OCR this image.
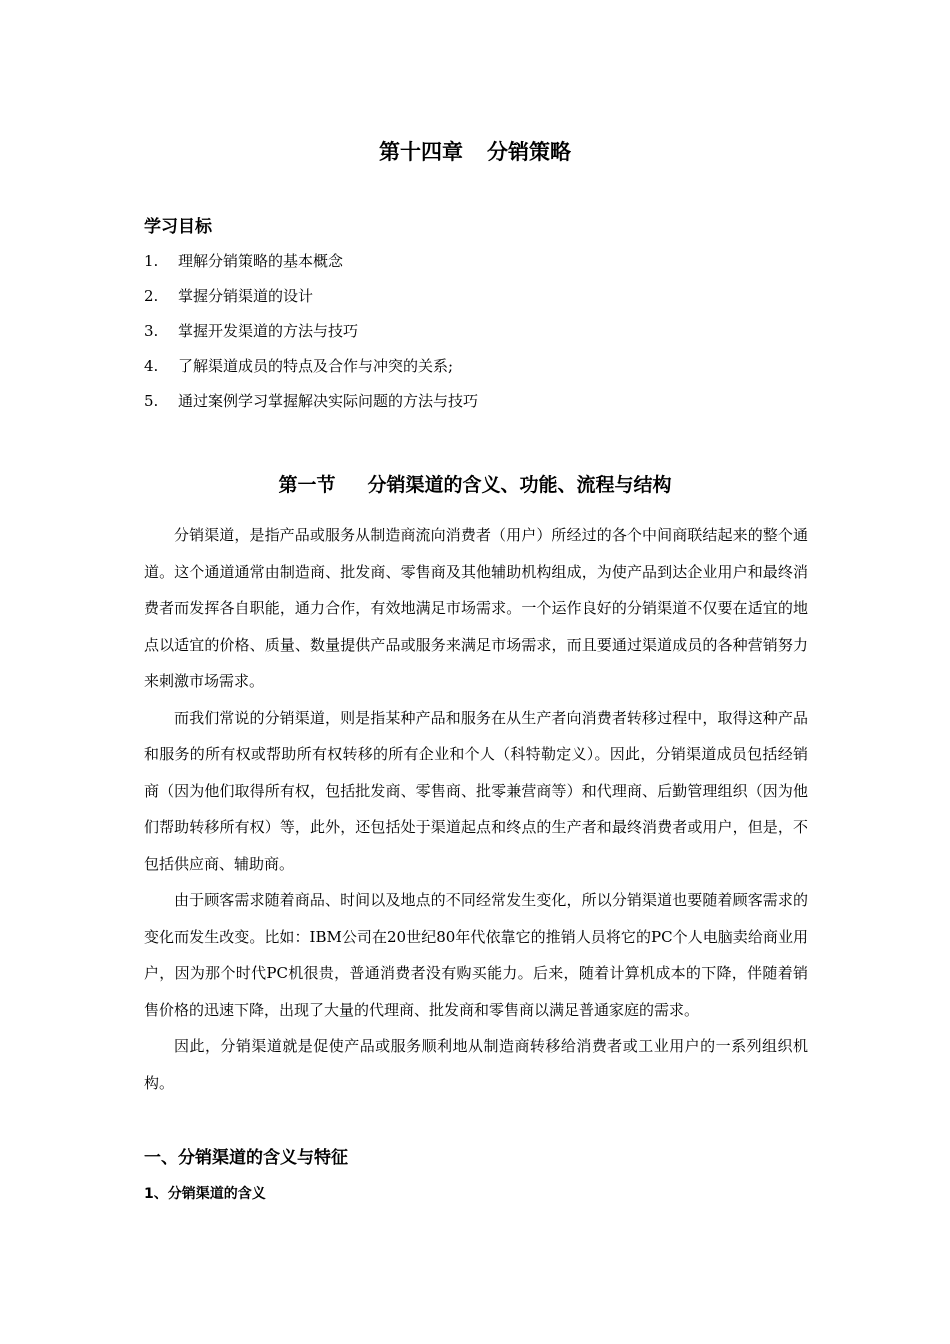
第十四章 分销策略
学习目标
1. 理解分销策略的基本概念
2. 掌握分销渠道的设计
3. 掌握开发渠道的方法与技巧
4. 了解渠道成员的特点及合作与冲突的关系;
5. 通过案例学习掌握解决实际问题的方法与技巧
第一节 分销渠道的含义、功能、流程与结构

分销渠道，是指产品或服务从制造商流向消费者（用户）所经过的各个中间商联结起来的整个通道。这个通道通常由制造商、批发商、零售商及其他辅助机构组成，为使产品到达企业用户和最终消费者而发挥各自职能，通力合作，有效地满足市场需求。一个运作良好的分销渠道不仅要在适宜的地点以适宜的价格、质量、数量提供产品或服务来满足市场需求，而且要通过渠道成员的各种营销努力来刺激市场需求。

而我们常说的分销渠道，则是指某种产品和服务在从生产者向消费者转移过程中，取得这种产品和服务的所有权或帮助所有权转移的所有企业和个人（科特勒定义）。因此，分销渠道成员包括经销商（因为他们取得所有权，包括批发商、零售商、批零兼营商等）和代理商、后勤管理组织（因为他们帮助转移所有权）等，此外，还包括处于渠道起点和终点的生产者和最终消费者或用户，但是，不包括供应商、辅助商。

由于顾客需求随着商品、时间以及地点的不同经常发生变化，所以分销渠道也要随着顾客需求的变化而发生改变。比如：IBM公司在20世纪80年代依靠它的推销人员将它的PC个人电脑卖给商业用户，因为那个时代PC机很贵，普通消费者没有购买能力。后来，随着计算机成本的下降，伴随着销售价格的迅速下降，出现了大量的代理商、批发商和零售商以满足普通家庭的需求。

因此，分销渠道就是促使产品或服务顺利地从制造商转移给消费者或工业用户的一系列组织机构。

一、分销渠道的含义与特征
1、分销渠道的含义
